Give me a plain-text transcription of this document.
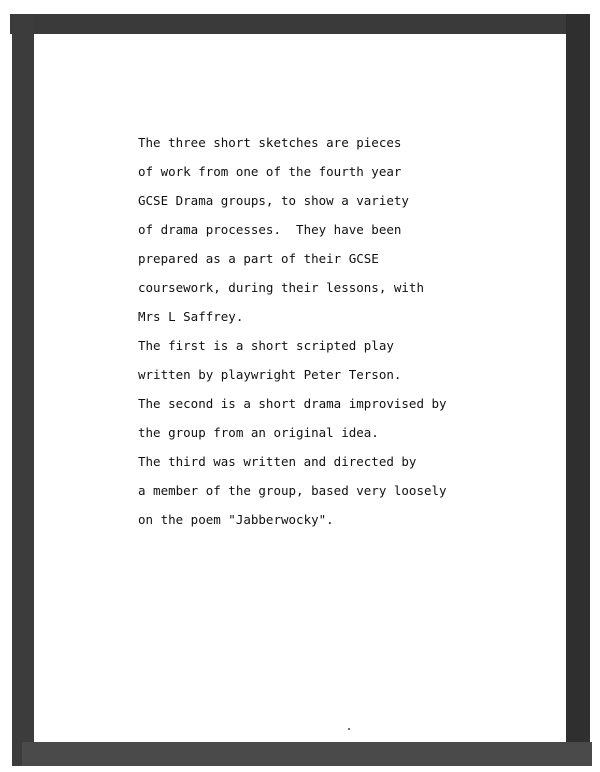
The three short sketches are pieces
of work from one of the fourth year
GCSE Drama groups, to show a variety
of drama processes.  They have been
prepared as a part of their GCSE
coursework, during their lessons, with
Mrs L Saffrey.
The first is a short scripted play
written by playwright Peter Terson.
The second is a short drama improvised by
the group from an original idea.
The third was written and directed by
a member of the group, based very loosely
on the poem "Jabberwocky".
